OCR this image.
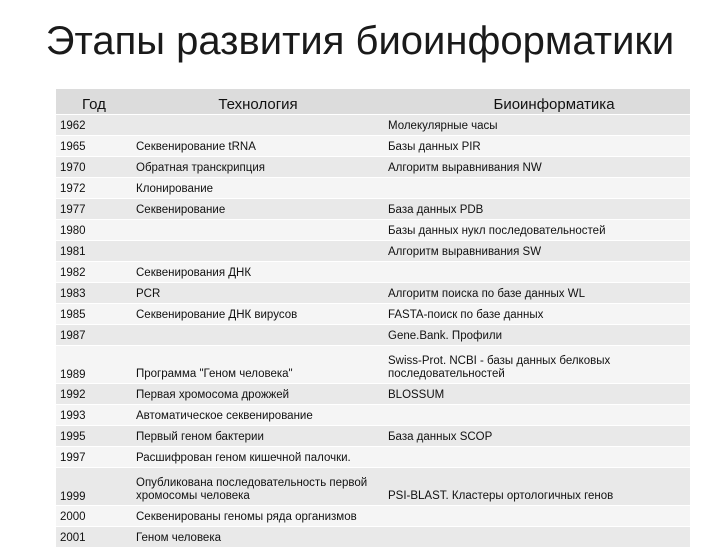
Этапы развития биоинформатики
Год	Технология	Биоинформатика
1962		Молекулярные часы
1965	Секвенирование tRNA	Базы данных PIR
1970	Обратная транскрипция	Алгоритм выравнивания NW
1972	Клонирование	
1977	Секвенирование	База данных PDB
1980		Базы данных нукл последовательностей
1981		Алгоритм выравнивания SW
1982	Секвенирования ДНК	
1983	PCR	Алгоритм поиска по базе данных WL
1985	Секвенирование ДНК вирусов	FASTA-поиск по базе данных
1987		Gene.Bank. Профили
1989	Программа "Геном человека"	Swiss-Prot. NCBI - базы данных белковых последовательностей
1992	Первая хромосома дрожжей	BLOSSUM
1993	Автоматическое секвенирование	
1995	Первый геном бактерии	База данных SCOP
1997	Расшифрован геном кишечной палочки.	
1999	Опубликована последовательность первой хромосомы человека	PSI-BLAST. Кластеры ортологичных генов
2000	Секвенированы геномы ряда организмов	
2001	Геном человека	
